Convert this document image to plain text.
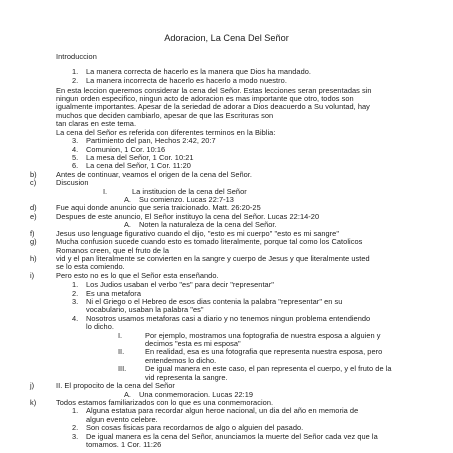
Adoracion, La Cena Del Señor
Introduccion
1. La manera correcta de hacerlo es la manera que Dios ha mandado.
2. La manera incorrecta de hacerlo es hacerlo a modo nuestro.
En esta leccion queremos considerar la cena del Señor. Estas lecciones seran presentadas sin
ningun orden especifico, ningun acto de adoracion es mas importante que otro, todos son
igualmente importantes. Apesar de la seriedad de adorar a Dios deacuerdo a Su voluntad, hay
muchos que deciden cambiarlo, apesar de que las Escrituras son
tan claras en este tema.
La cena del Señor es referida con diferentes terminos en la Biblia:
3. Partimiento del pan, Hechos 2:42, 20:7
4. Comunion, 1 Cor. 10:16
5. La mesa del Señor, 1 Cor. 10:21
6. La cena del Señor, 1 Cor. 11:20
b)	Antes de continuar, veamos el origen de la cena del Señor.
c)	Discusion
I.	La institucion de la cena del Señor
A. Su comienzo. Lucas 22:7-13
d)	Fue aqui donde anuncio que seria traicionado. Matt. 26:20-25
e)	Despues de este anuncio, El Señor instituyo la cena del Señor. Lucas 22:14-20
A. Noten la naturaleza de la cena del Señor.
f)	Jesus uso lenguage figurativo cuando el dijo, "esto es mi cuerpo" "esto es mi sangre"
g)	Mucha confusion sucede cuando esto es tomado literalmente, porque tal como los Catolicos
Romanos creen, que el fruto de la
h)	vid y el pan literalmente se convierten en la sangre y cuerpo de Jesus y que literalmente usted
se lo esta comiendo.
i)	Pero esto no es lo que el Señor esta enseñando.
1. Los Judios usaban el verbo "es" para decir "representar"
2. Es una metafora
3. Ni el Griego o el Hebreo de esos dias contenia la palabra "representar" en su
vocabulario, usaban la palabra "es"
4. Nosotros usamos metaforas casi a diario y no tenemos ningun problema entendiendo
lo dicho.
I.	Por ejemplo, mostramos una foptografia de nuestra esposa a alguien y
decimos "esta es mi esposa"
II.	En realidad, esa es una fotografia que representa nuestra esposa, pero
entendemos lo dicho.
III.	De igual manera en este caso, el pan representa el cuerpo, y el fruto de la
vid representa la sangre.
j)	II. El propocito de la cena del Señor
A. Una conmemoracion. Lucas 22:19
k)	Todos estamos familiarizados con lo que es una conmemoracion.
1. Alguna estatua para recordar algun heroe nacional, un dia del año en memoria de
algun evento celebre.
2. Son cosas fisicas para recordarnos de algo o alguien del pasado.
3. De igual manera es la cena del Señor, anunciamos la muerte del Señor cada vez que la
tomamos. 1 Cor. 11:26
